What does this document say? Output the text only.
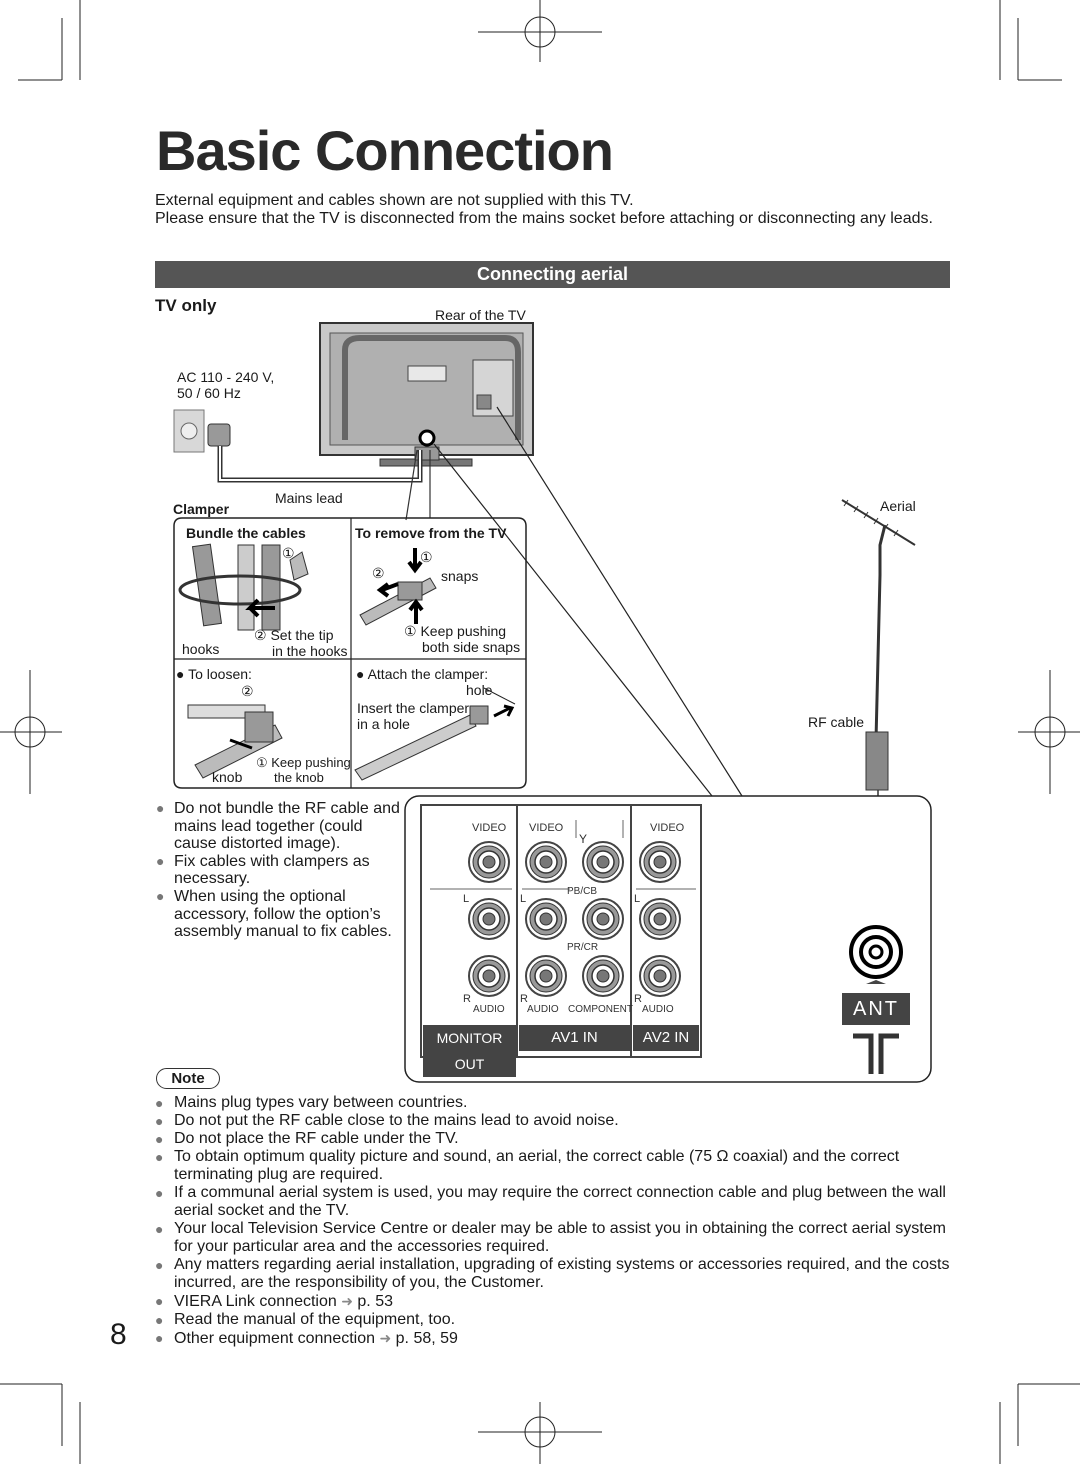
Basic Connection
External equipment and cables shown are not supplied with this TV.
Please ensure that the TV is disconnected from the mains socket before attaching or disconnecting any leads.
Connecting aerial
TV only	Rear of the TV
AC 110 - 240 V,
50 / 60 Hz
Mains lead
Clamper	Aerial
RF cable
Bundle the cables	To remove from the TV
①	①
②	snaps
② Set the tip
in the hooks
hooks
① Keep pushing
both side snaps
● To loosen:
②
● Attach the clamper:
hole
Insert the clamper
in a hole
① Keep pushing
the knob
knob
VIDEO VIDEO	VIDEO
Y
PB/CB
PR/CR
L	L	L
R	R	R
AUDIO AUDIO COMPONENT AUDIO
MONITOR OUT
AV1 IN	AV2 IN
ANT
● Do not bundle the RF cable and mains lead together (could cause distorted image).
● Fix cables with clampers as necessary.
● When using the optional accessory, follow the option’s assembly manual to fix cables.
Note
● Mains plug types vary between countries.
● Do not put the RF cable close to the mains lead to avoid noise.
● Do not place the RF cable under the TV.
● To obtain optimum quality picture and sound, an aerial, the correct cable (75 Ω coaxial) and the correct terminating plug are required.
● If a communal aerial system is used, you may require the correct connection cable and plug between the wall aerial socket and the TV.
● Your local Television Service Centre or dealer may be able to assist you in obtaining the correct aerial system for your particular area and the accessories required.
● Any matters regarding aerial installation, upgrading of existing systems or accessories required, and the costs incurred, are the responsibility of you, the Customer.
● VIERA Link connection ➜ p. 53
● Read the manual of the equipment, too.
● Other equipment connection ➜ p. 58, 59
8
